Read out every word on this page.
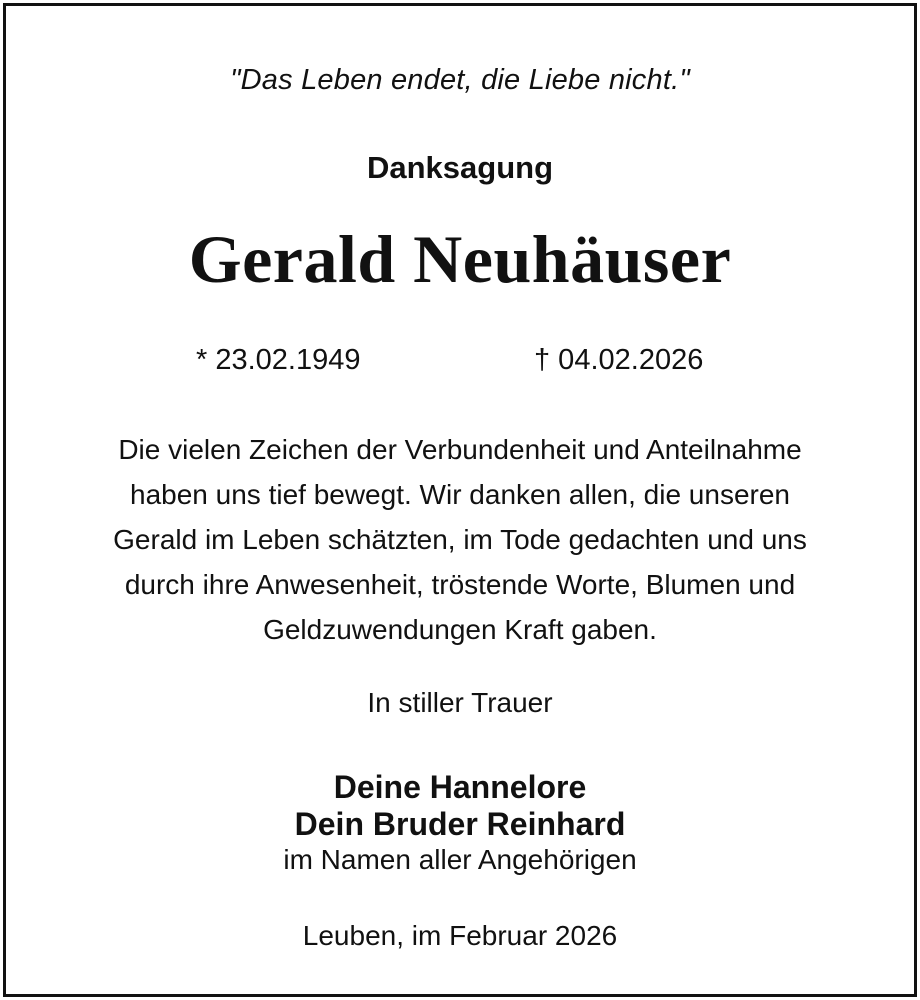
"Das Leben endet, die Liebe nicht."
Danksagung
Gerald Neuhäuser
* 23.02.1949	† 04.02.2026
Die vielen Zeichen der Verbundenheit und Anteilnahme
haben uns tief bewegt. Wir danken allen, die unseren
Gerald im Leben schätzten, im Tode gedachten und uns
durch ihre Anwesenheit, tröstende Worte, Blumen und
Geldzuwendungen Kraft gaben.
In stiller Trauer
Deine Hannelore
Dein Bruder Reinhard
im Namen aller Angehörigen
Leuben, im Februar 2026
